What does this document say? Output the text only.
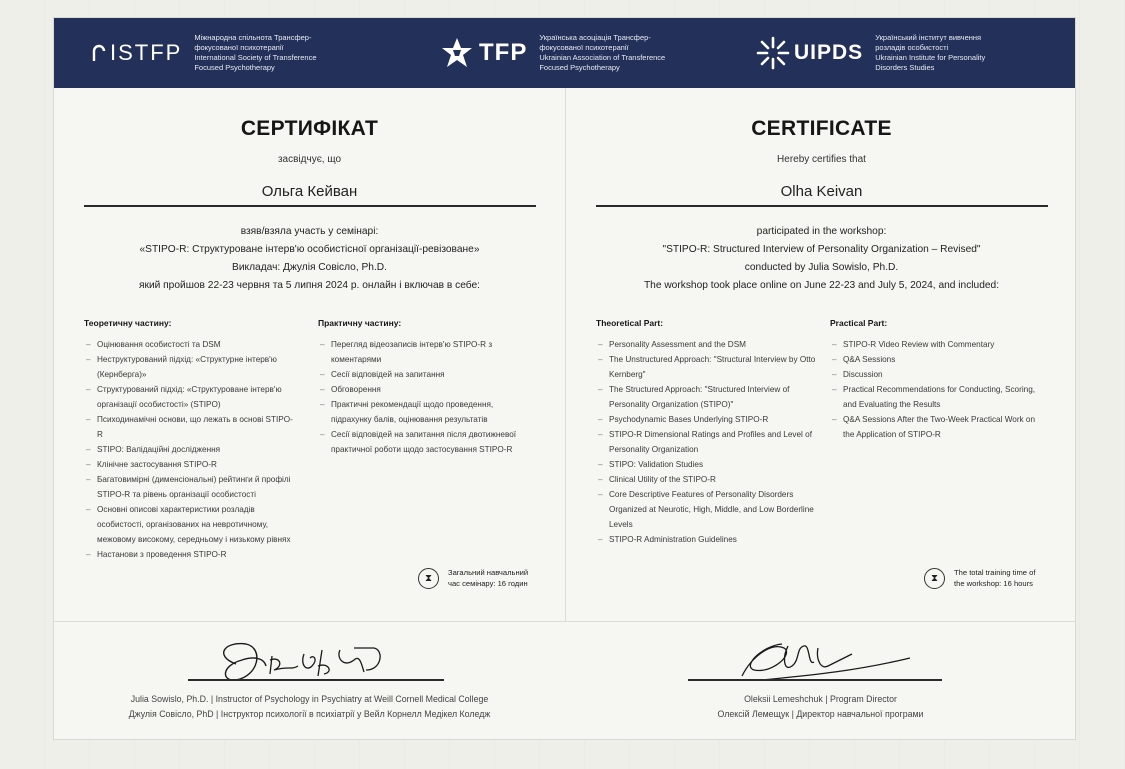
ISTFP
Міжнародна спільнота Трансфер-
фокусованої психотерапії
International Society of Transference
Focused Psychotherapy
TFP
Українська асоціація Трансфер-
фокусованої психотерапії
Ukrainian Association of Transference
Focused Psychotherapy
UIPDS
Український інститут вивчення
розладів особистості
Ukrainian Institute for Personality
Disorders Studies
СЕРТИФІКАТ
засвідчує, що
Ольга Кейван
взяв/взяла участь у семінарі:
«STIPO-R: Структуроване інтерв'ю особистісної організації-ревізоване»
Викладач: Джулія Совісло, Ph.D.
який пройшов 22-23 червня та 5 липня 2024 р. онлайн і включав в себе:
Теоретичну частину:
– Оцінювання особистості та DSM
– Неструктурований підхід: «Структурне інтерв'ю (Кернберга)»
– Структурований підхід: «Структуроване інтерв'ю організації особистості» (STIPO)
– Психодинамічні основи, що лежать в основі STIPO-R
– STIPO: Валідаційні дослідження
– Клінічне застосування STIPO-R
– Багатовимірні (дименсіональні) рейтинги й профілі STIPO-R та рівень організації особистості
– Основні описові характеристики розладів особистості, організованих на невротичному, межовому високому, середньому і низькому рівнях
– Настанови з проведення STIPO-R
Практичну частину:
– Перегляд відеозаписів інтерв'ю STIPO-R з коментарями
– Сесії відповідей на запитання
– Обговорення
– Практичні рекомендації щодо проведення, підрахунку балів, оцінювання результатів
– Сесії відповідей на запитання після двотижневої практичної роботи щодо застосування STIPO-R
⧗
Загальний навчальний
час семінару: 16 годин
CERTIFICATE
Hereby certifies that
Olha Keivan
participated in the workshop:
"STIPO-R: Structured Interview of Personality Organization – Revised"
conducted by Julia Sowislo, Ph.D.
The workshop took place online on June 22-23 and July 5, 2024, and included:
Theoretical Part:
– Personality Assessment and the DSM
– The Unstructured Approach: "Structural Interview by Otto Kernberg"
– The Structured Approach: "Structured Interview of Personality Organization (STIPO)"
– Psychodynamic Bases Underlying STIPO-R
– STIPO-R Dimensional Ratings and Profiles and Level of Personality Organization
– STIPO: Validation Studies
– Clinical Utility of the STIPO-R
– Core Descriptive Features of Personality Disorders Organized at Neurotic, High, Middle, and Low Borderline Levels
– STIPO-R Administration Guidelines
Practical Part:
– STIPO-R Video Review with Commentary
– Q&A Sessions
– Discussion
– Practical Recommendations for Conducting, Scoring, and Evaluating the Results
– Q&A Sessions After the Two-Week Practical Work on the Application of STIPO-R
⧗
The total training time of
the workshop: 16 hours
Julia Sowislo, Ph.D. | Instructor of Psychology in Psychiatry at Weill Cornell Medical College
Джулія Совісло, PhD | Інструктор психології в психіатрії у Вейл Корнелл Медікел Коледж
Oleksii Lemeshchuk | Program Director
Олексій Лемещук | Директор навчальної програми
